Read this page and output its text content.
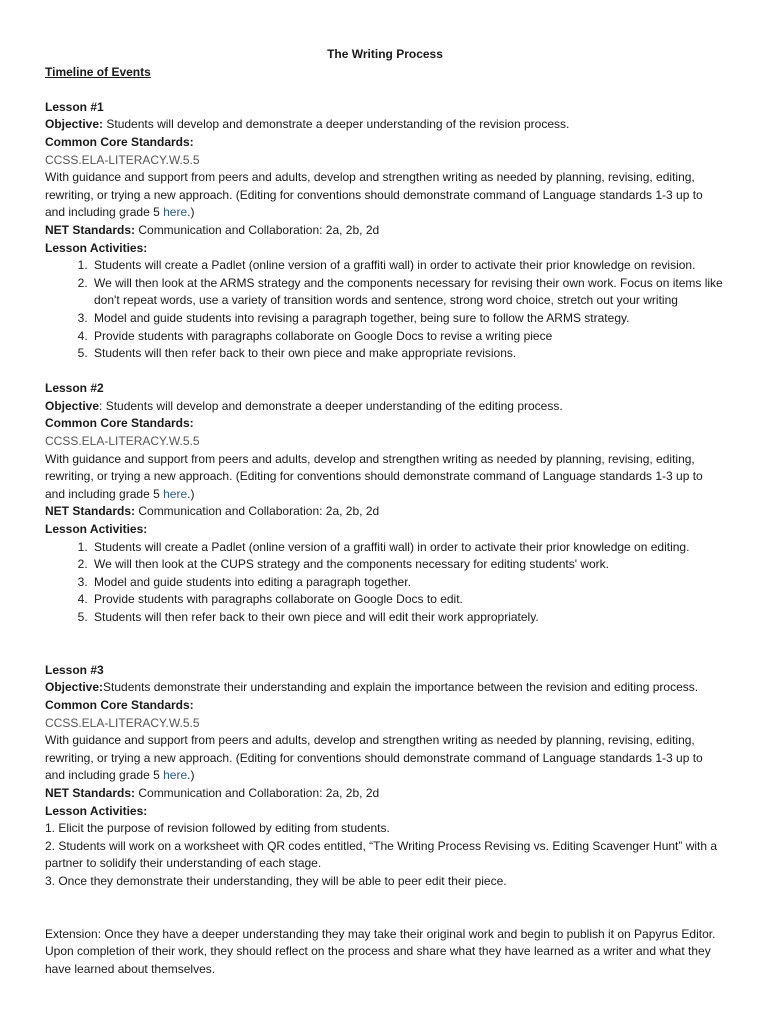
The Writing Process

Timeline of Events

Lesson #1

Objective: Students will develop and demonstrate a deeper understanding of the revision process.

Common Core Standards:

CCSS.ELA-LITERACY.W.5.5

With guidance and support from peers and adults, develop and strengthen writing as needed by planning, revising, editing, rewriting, or trying a new approach. (Editing for conventions should demonstrate command of Language standards 1-3 up to and including grade 5 here.)

NET Standards: Communication and Collaboration: 2a, 2b, 2d

Lesson Activities:

1. Students will create a Padlet (online version of a graffiti wall) in order to activate their prior knowledge on revision.
2. We will then look at the ARMS strategy and the components necessary for revising their own work. Focus on items like don't repeat words, use a variety of transition words and sentence, strong word choice, stretch out your writing
3. Model and guide students into revising a paragraph together, being sure to follow the ARMS strategy.
4. Provide students with paragraphs collaborate on Google Docs to revise a writing piece
5. Students will then refer back to their own piece and make appropriate revisions.

Lesson #2

Objective: Students will develop and demonstrate a deeper understanding of the editing process.

Common Core Standards:

CCSS.ELA-LITERACY.W.5.5

With guidance and support from peers and adults, develop and strengthen writing as needed by planning, revising, editing, rewriting, or trying a new approach. (Editing for conventions should demonstrate command of Language standards 1-3 up to and including grade 5 here.)

NET Standards: Communication and Collaboration: 2a, 2b, 2d

Lesson Activities:

1. Students will create a Padlet (online version of a graffiti wall) in order to activate their prior knowledge on editing.
2. We will then look at the CUPS strategy and the components necessary for editing students' work.
3. Model and guide students into editing a paragraph together.
4. Provide students with paragraphs collaborate on Google Docs to edit.
5. Students will then refer back to their own piece and will edit their work appropriately.

Lesson #3

Objective:Students demonstrate their understanding and explain the importance between the revision and editing process.

Common Core Standards:

CCSS.ELA-LITERACY.W.5.5

With guidance and support from peers and adults, develop and strengthen writing as needed by planning, revising, editing, rewriting, or trying a new approach. (Editing for conventions should demonstrate command of Language standards 1-3 up to and including grade 5 here.)

NET Standards: Communication and Collaboration: 2a, 2b, 2d

Lesson Activities:

1. Elicit the purpose of revision followed by editing from students.
2. Students will work on a worksheet with QR codes entitled, “The Writing Process Revising vs. Editing Scavenger Hunt” with a partner to solidify their understanding of each stage.
3. Once they demonstrate their understanding, they will be able to peer edit their piece.

Extension: Once they have a deeper understanding they may take their original work and begin to publish it on Papyrus Editor. Upon completion of their work, they should reflect on the process and share what they have learned as a writer and what they have learned about themselves.
